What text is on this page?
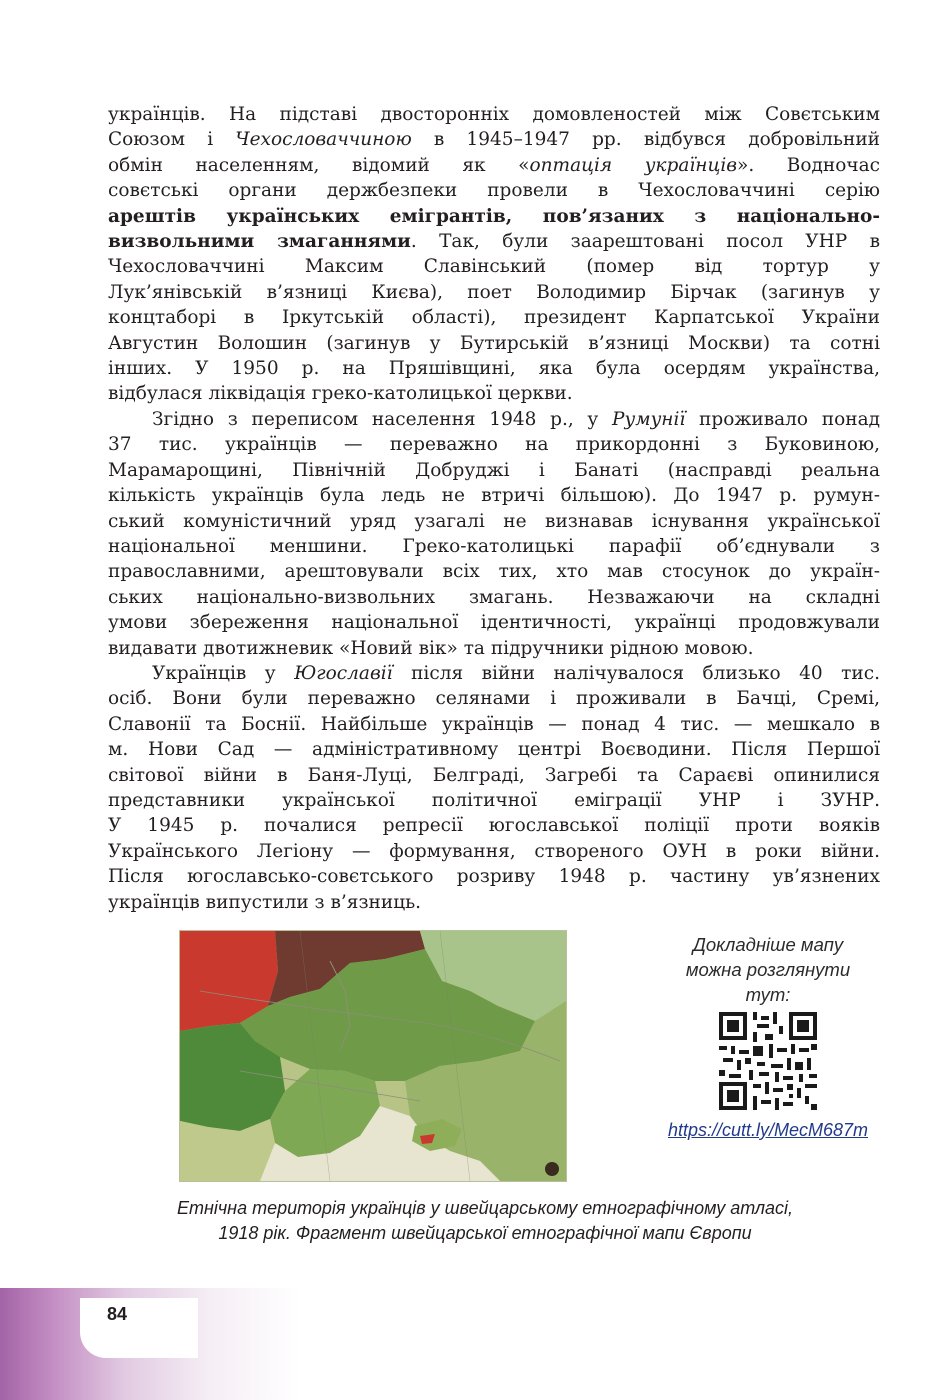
українців. На підставі двосторонніх домовленостей між Совєтським
Союзом і Чехословаччиною в 1945–1947 рр. відбувся добровільний
обмін населенням, відомий як «оптація українців». Водночас
совєтські органи держбезпеки провели в Чехословаччині серію
арештів українських емігрантів, пов’язаних з національно-
визвольними змаганнями. Так, були заарештовані посол УНР в
Чехословаччині Максим Славінський (помер від тортур у
Лук’янівській в’язниці Києва), поет Володимир Бірчак (загинув у
концтаборі в Іркутській області), президент Карпатської України
Августин Волошин (загинув у Бутирській в’язниці Москви) та сотні
інших. У 1950 р. на Пряшівщині, яка була осердям українства,
відбулася ліквідація греко-католицької церкви.

Згідно з переписом населення 1948 р., у Румунії проживало понад
37 тис. українців — переважно на прикордонні з Буковиною,
Марамарощині, Північній Добруджі і Банаті (насправді реальна
кількість українців була ледь не втричі більшою). До 1947 р. румун-
ський комуністичний уряд узагалі не визнавав існування української
національної меншини. Греко-католицькі парафії об’єднували з
православними, арештовували всіх тих, хто мав стосунок до україн-
ських національно-визвольних змагань. Незважаючи на складні
умови збереження національної ідентичності, українці продовжували
видавати двотижневик «Новий вік» та підручники рідною мовою.

Українців у Югославії після війни налічувалося близько 40 тис.
осіб. Вони були переважно селянами і проживали в Бачці, Сремі,
Славонії та Боснії. Найбільше українців — понад 4 тис. — мешкало в
м. Нови Сад — адміністративному центрі Воєводини. Після Першої
світової війни в Баня-Луці, Белграді, Загребі та Сараєві опинилися
представники української політичної еміграції УНР і ЗУНР.
У 1945 р. почалися репресії югославської поліції проти вояків
Українського Легіону — формування, створеного ОУН в роки війни.
Після югославсько-совєтського розриву 1948 р. частину ув’язнених
українців випустили з в’язниць.

Докладніше мапу
можна розглянути
тут:
https://cutt.ly/MecM687m
Етнічна територія українців у швейцарському етнографічному атласі,
1918 рік. Фрагмент швейцарської етнографічної мапи Європи
84
